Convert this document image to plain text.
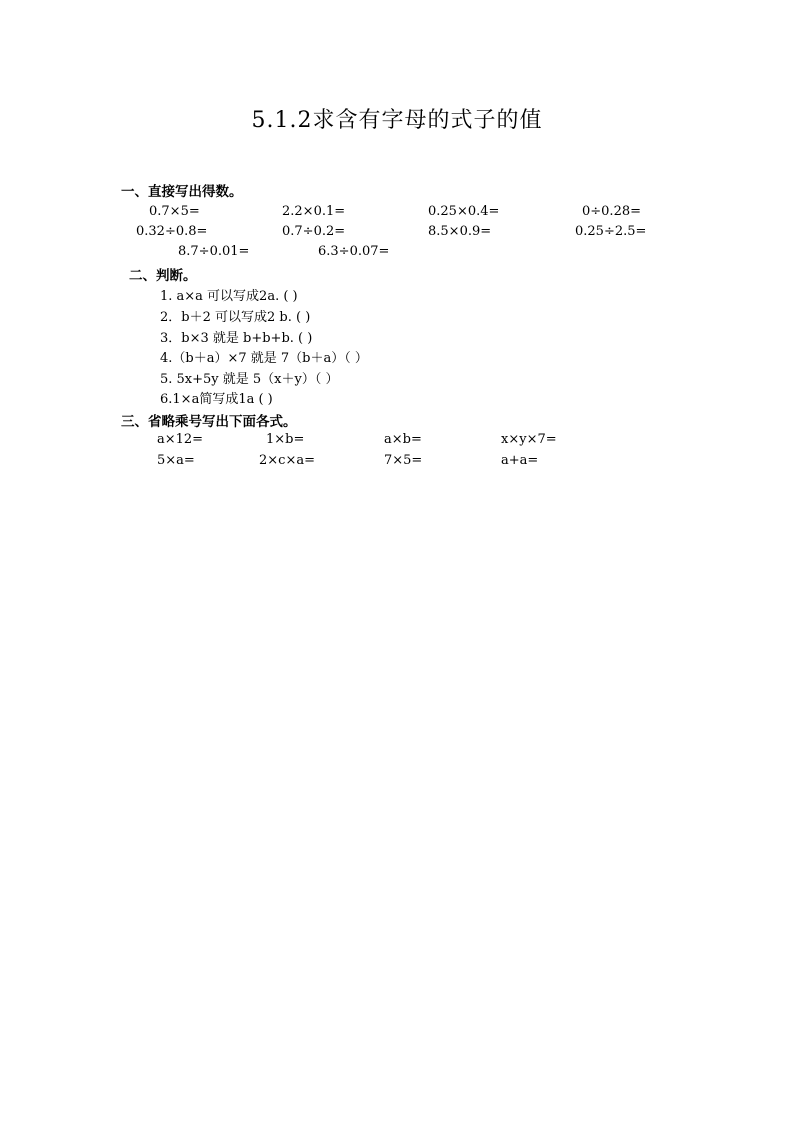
5.1.2求含有字母的式子的值
一、直接写出得数。
0.7×5=	2.2×0.1=	0.25×0.4=	0÷0.28=
0.32÷0.8=	0.7÷0.2=	8.5×0.9=	0.25÷2.5=
8.7÷0.01=	6.3÷0.07=
二、判断。
1. a×a 可以写成2a. ( )
2．b＋2 可以写成2 b. ( )
3．b×3 就是 b+b+b. ( )
4.（b＋a）×7 就是 7（b＋a）（ ）
5. 5x+5y 就是 5（x＋y）（ ）
6.1×a简写成1a ( )
三、省略乘号写出下面各式。
a×12=	1×b=	a×b=	x×y×7=
5×a=	2×c×a=	7×5=	a+a=
